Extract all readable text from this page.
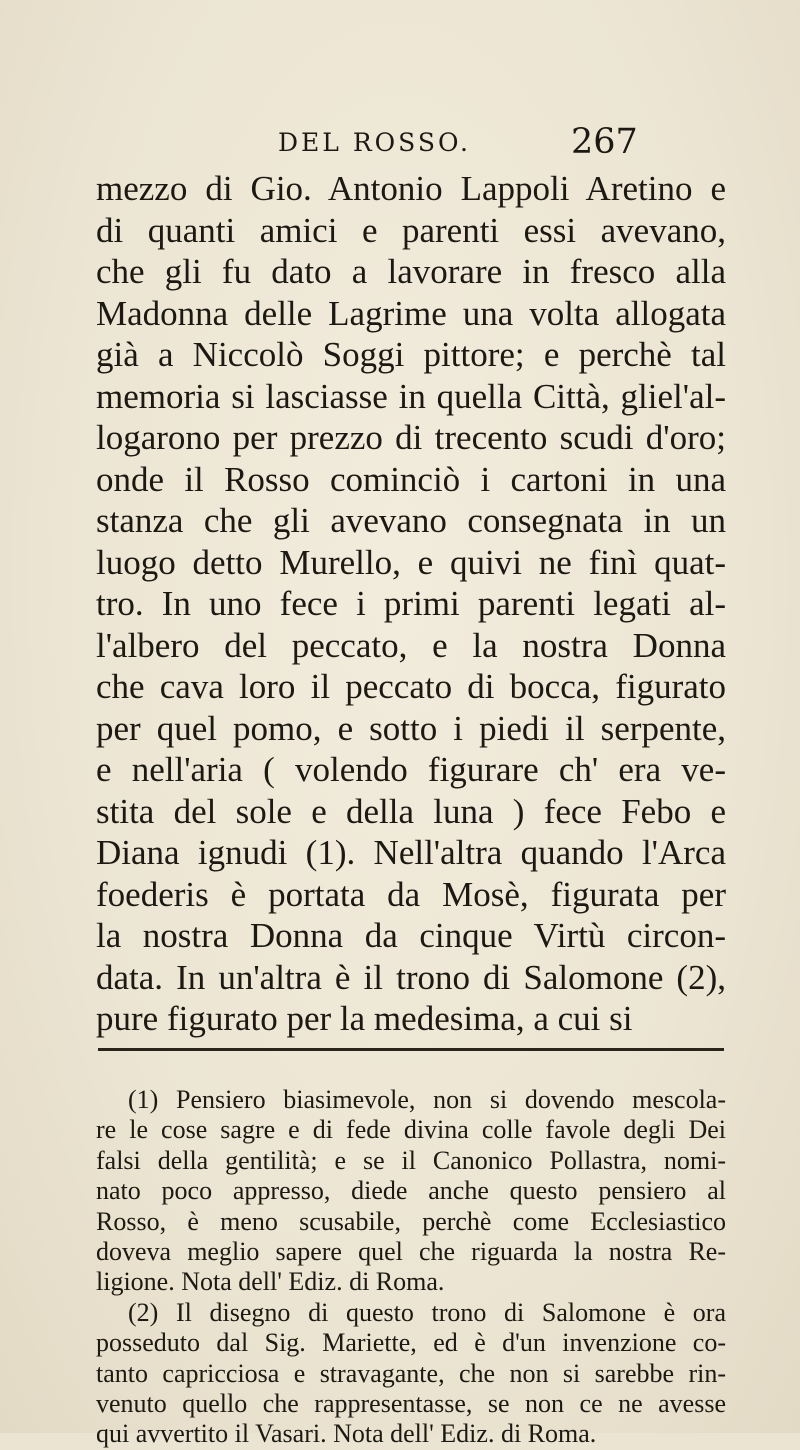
DEL ROSSO.	267
mezzo di Gio. Antonio Lappoli Aretino e
di quanti amici e parenti essi avevano,
che gli fu dato a lavorare in fresco alla
Madonna delle Lagrime una volta allogata
già a Niccolò Soggi pittore; e perchè tal
memoria si lasciasse in quella Città, gliel'al-
logarono per prezzo di trecento scudi d'oro;
onde il Rosso cominciò i cartoni in una
stanza che gli avevano consegnata in un
luogo detto Murello, e quivi ne finì quat-
tro. In uno fece i primi parenti legati al-
l'albero del peccato, e la nostra Donna
che cava loro il peccato di bocca, figurato
per quel pomo, e sotto i piedi il serpente,
e nell'aria ( volendo figurare ch' era ve-
stita del sole e della luna ) fece Febo e
Diana ignudi (1). Nell'altra quando l'Arca
foederis è portata da Mosè, figurata per
la nostra Donna da cinque Virtù circon-
data. In un'altra è il trono di Salomone (2),
pure figurato per la medesima, a cui si
(1) Pensiero biasimevole, non si dovendo mescola-
re le cose sagre e di fede divina colle favole degli Dei
falsi della gentilità; e se il Canonico Pollastra, nomi-
nato poco appresso, diede anche questo pensiero al
Rosso, è meno scusabile, perchè come Ecclesiastico
doveva meglio sapere quel che riguarda la nostra Re-
ligione. Nota dell' Ediz. di Roma.
(2) Il disegno di questo trono di Salomone è ora
posseduto dal Sig. Mariette, ed è d'un invenzione co-
tanto capricciosa e stravagante, che non si sarebbe rin-
venuto quello che rappresentasse, se non ce ne avesse
qui avvertito il Vasari. Nota dell' Ediz. di Roma.
